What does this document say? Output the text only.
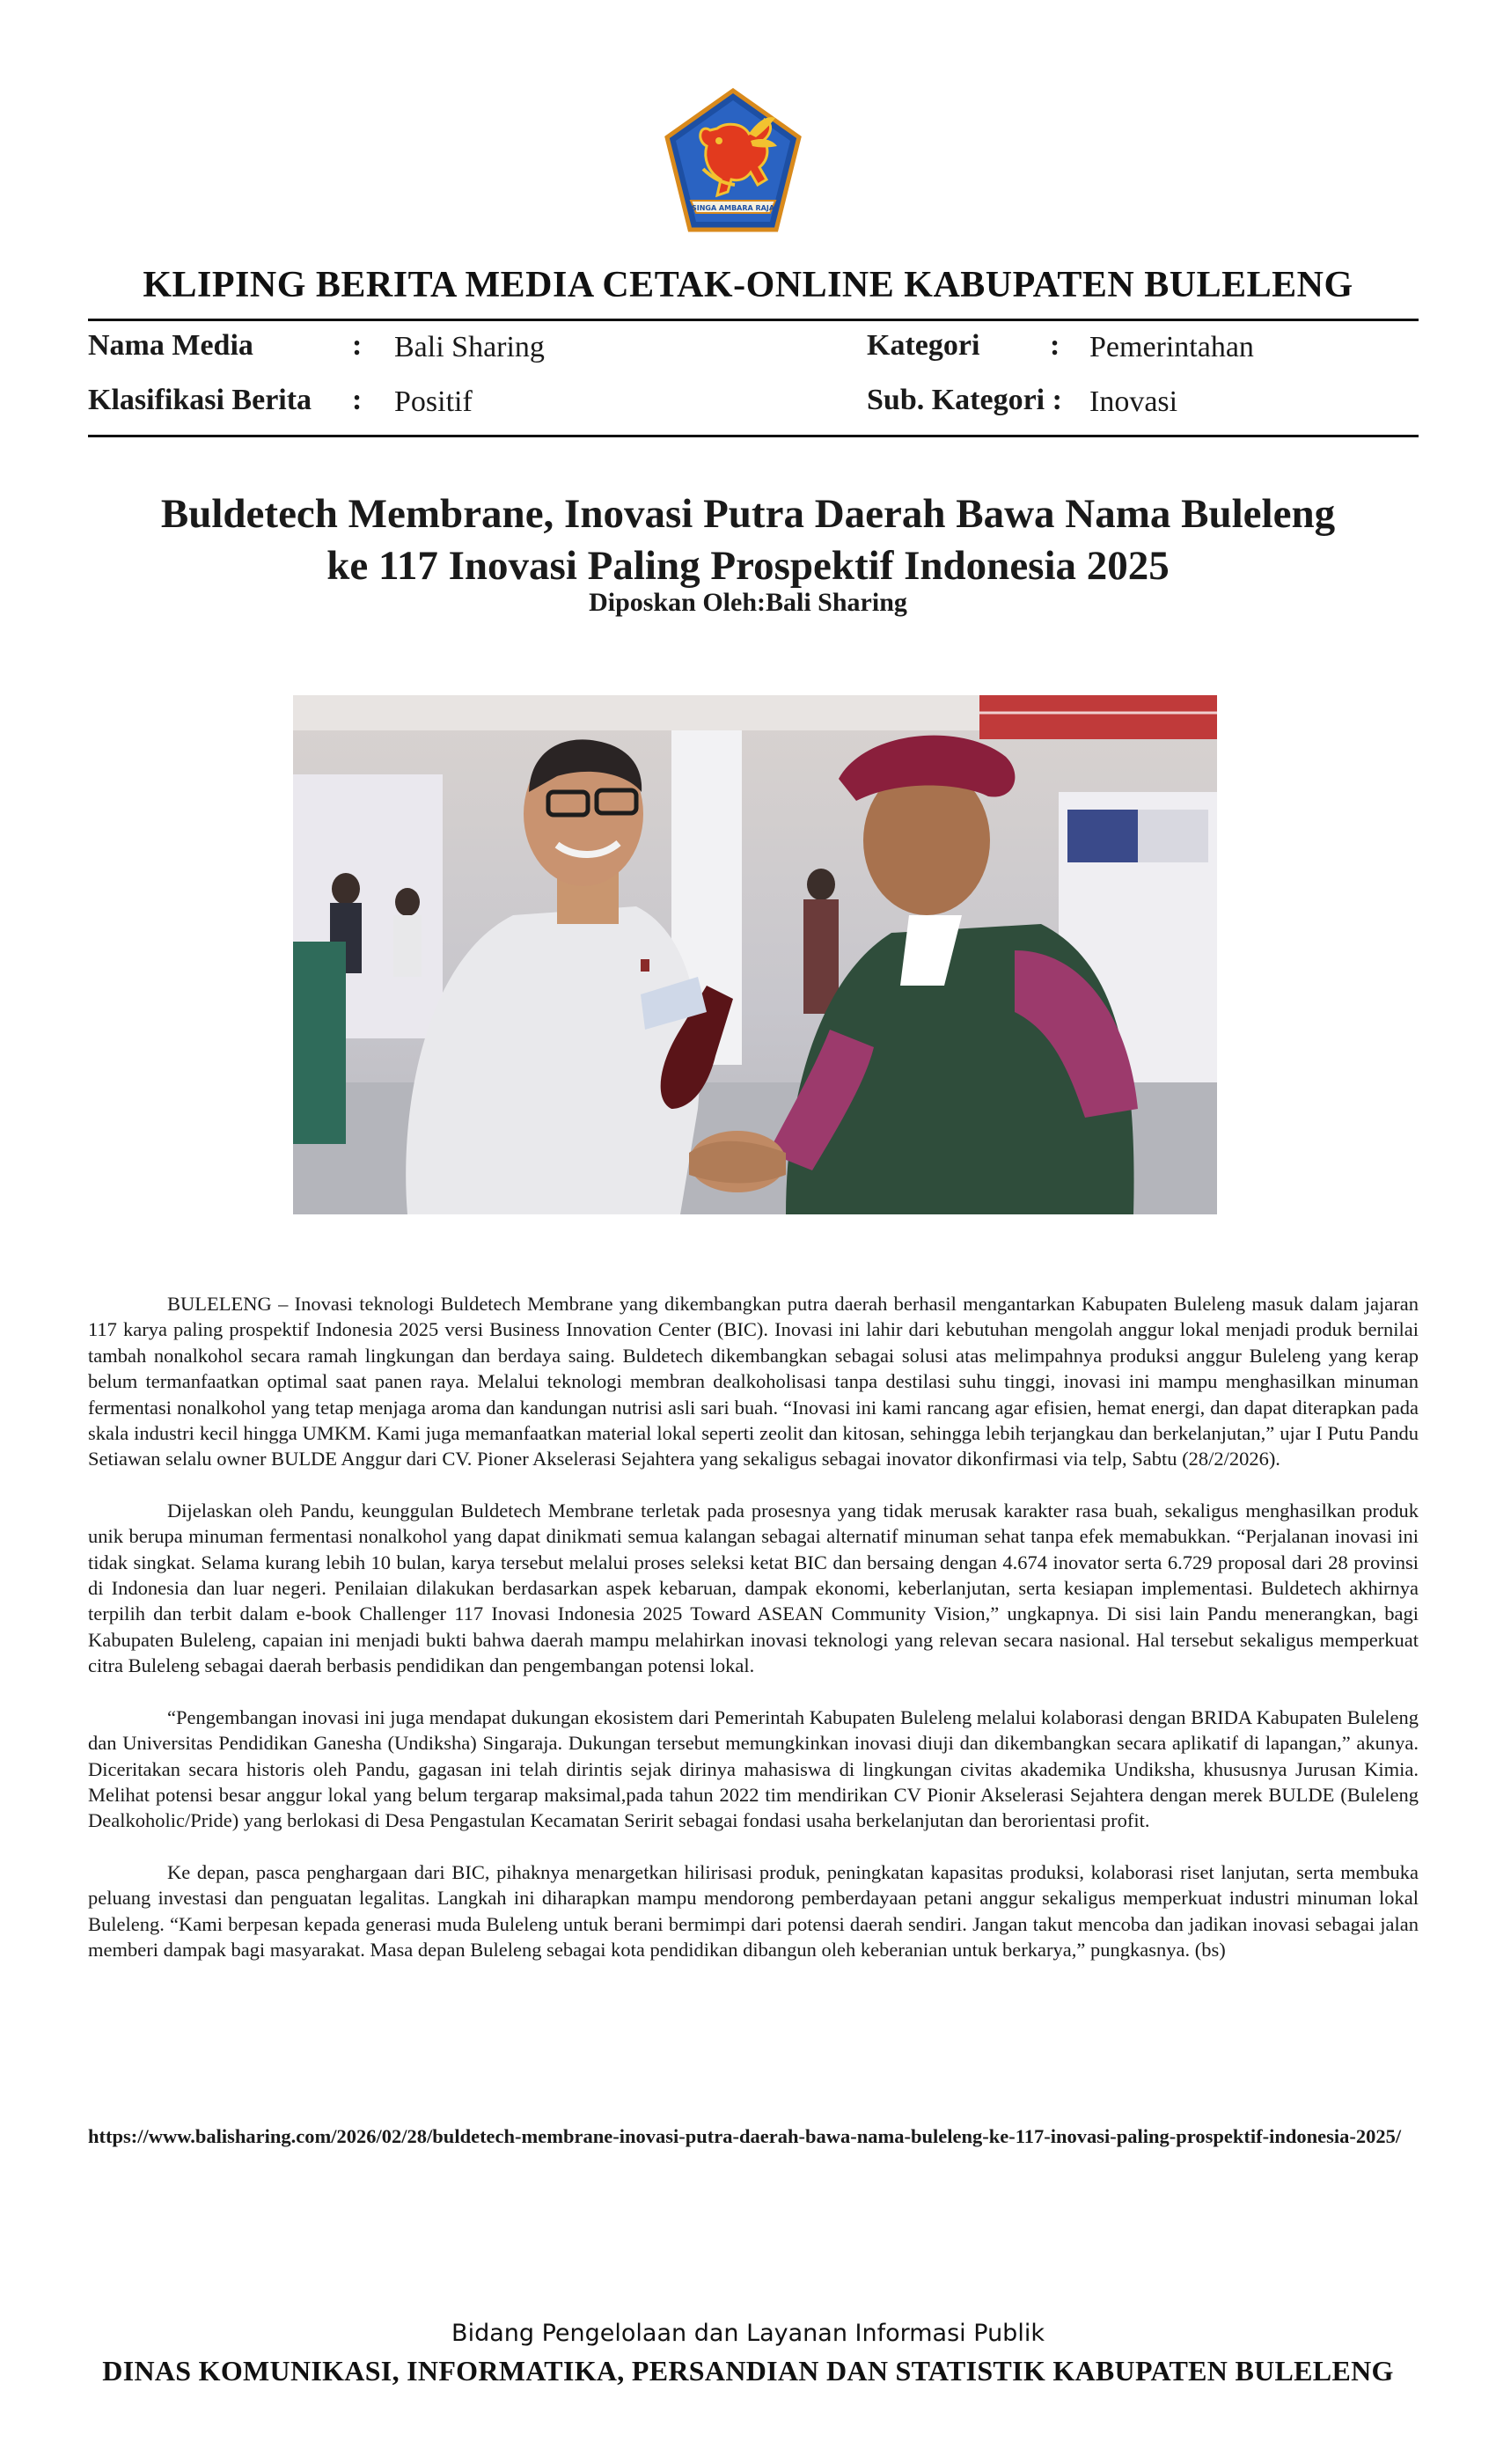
SINGA AMBARA RAJA
KLIPING BERITA MEDIA CETAK-ONLINE KABUPATEN BULELENG
Nama Media	: Bali Sharing	Kategori : Pemerintahan
Klasifikasi Berita : Positif	Sub. Kategori : Inovasi
Buldetech Membrane, Inovasi Putra Daerah Bawa Nama Buleleng
ke 117 Inovasi Paling Prospektif Indonesia 2025
Diposkan Oleh:Bali Sharing

BULELENG – Inovasi teknologi Buldetech Membrane yang dikembangkan putra daerah berhasil mengantarkan Kabupaten Buleleng masuk dalam jajaran 117 karya paling prospektif Indonesia 2025 versi Business Innovation Center (BIC). Inovasi ini lahir dari kebutuhan mengolah anggur lokal menjadi produk bernilai tambah nonalkohol secara ramah lingkungan dan berdaya saing. Buldetech dikembangkan sebagai solusi atas melimpahnya produksi anggur Buleleng yang kerap belum termanfaatkan optimal saat panen raya. Melalui teknologi membran dealkoholisasi tanpa destilasi suhu tinggi, inovasi ini mampu menghasilkan minuman fermentasi nonalkohol yang tetap menjaga aroma dan kandungan nutrisi asli sari buah. “Inovasi ini kami rancang agar efisien, hemat energi, dan dapat diterapkan pada skala industri kecil hingga UMKM. Kami juga memanfaatkan material lokal seperti zeolit dan kitosan, sehingga lebih terjangkau dan berkelanjutan,” ujar I Putu Pandu Setiawan selalu owner BULDE Anggur dari CV. Pioner Akselerasi Sejahtera yang sekaligus sebagai inovator dikonfirmasi via telp, Sabtu (28/2/2026).

Dijelaskan oleh Pandu, keunggulan Buldetech Membrane terletak pada prosesnya yang tidak merusak karakter rasa buah, sekaligus menghasilkan produk unik berupa minuman fermentasi nonalkohol yang dapat dinikmati semua kalangan sebagai alternatif minuman sehat tanpa efek memabukkan. “Perjalanan inovasi ini tidak singkat. Selama kurang lebih 10 bulan, karya tersebut melalui proses seleksi ketat BIC dan bersaing dengan 4.674 inovator serta 6.729 proposal dari 28 provinsi di Indonesia dan luar negeri. Penilaian dilakukan berdasarkan aspek kebaruan, dampak ekonomi, keberlanjutan, serta kesiapan implementasi. Buldetech akhirnya terpilih dan terbit dalam e-book Challenger 117 Inovasi Indonesia 2025 Toward ASEAN Community Vision,” ungkapnya. Di sisi lain Pandu menerangkan, bagi Kabupaten Buleleng, capaian ini menjadi bukti bahwa daerah mampu melahirkan inovasi teknologi yang relevan secara nasional. Hal tersebut sekaligus memperkuat citra Buleleng sebagai daerah berbasis pendidikan dan pengembangan potensi lokal.

“Pengembangan inovasi ini juga mendapat dukungan ekosistem dari Pemerintah Kabupaten Buleleng melalui kolaborasi dengan BRIDA Kabupaten Buleleng dan Universitas Pendidikan Ganesha (Undiksha) Singaraja. Dukungan tersebut memungkinkan inovasi diuji dan dikembangkan secara aplikatif di lapangan,” akunya. Diceritakan secara historis oleh Pandu, gagasan ini telah dirintis sejak dirinya mahasiswa di lingkungan civitas akademika Undiksha, khususnya Jurusan Kimia. Melihat potensi besar anggur lokal yang belum tergarap maksimal,pada tahun 2022 tim mendirikan CV Pionir Akselerasi Sejahtera dengan merek BULDE (Buleleng Dealkoholic/Pride) yang berlokasi di Desa Pengastulan Kecamatan Seririt sebagai fondasi usaha berkelanjutan dan berorientasi profit.

Ke depan, pasca penghargaan dari BIC, pihaknya menargetkan hilirisasi produk, peningkatan kapasitas produksi, kolaborasi riset lanjutan, serta membuka peluang investasi dan penguatan legalitas. Langkah ini diharapkan mampu mendorong pemberdayaan petani anggur sekaligus memperkuat industri minuman lokal Buleleng. “Kami berpesan kepada generasi muda Buleleng untuk berani bermimpi dari potensi daerah sendiri. Jangan takut mencoba dan jadikan inovasi sebagai jalan memberi dampak bagi masyarakat. Masa depan Buleleng sebagai kota pendidikan dibangun oleh keberanian untuk berkarya,” pungkasnya. (bs)

https://www.balisharing.com/2026/02/28/buldetech-membrane-inovasi-putra-daerah-bawa-nama-buleleng-ke-117-inovasi-paling-prospektif-indonesia-2025/
Bidang Pengelolaan dan Layanan Informasi Publik
DINAS KOMUNIKASI, INFORMATIKA, PERSANDIAN DAN STATISTIK KABUPATEN BULELENG
